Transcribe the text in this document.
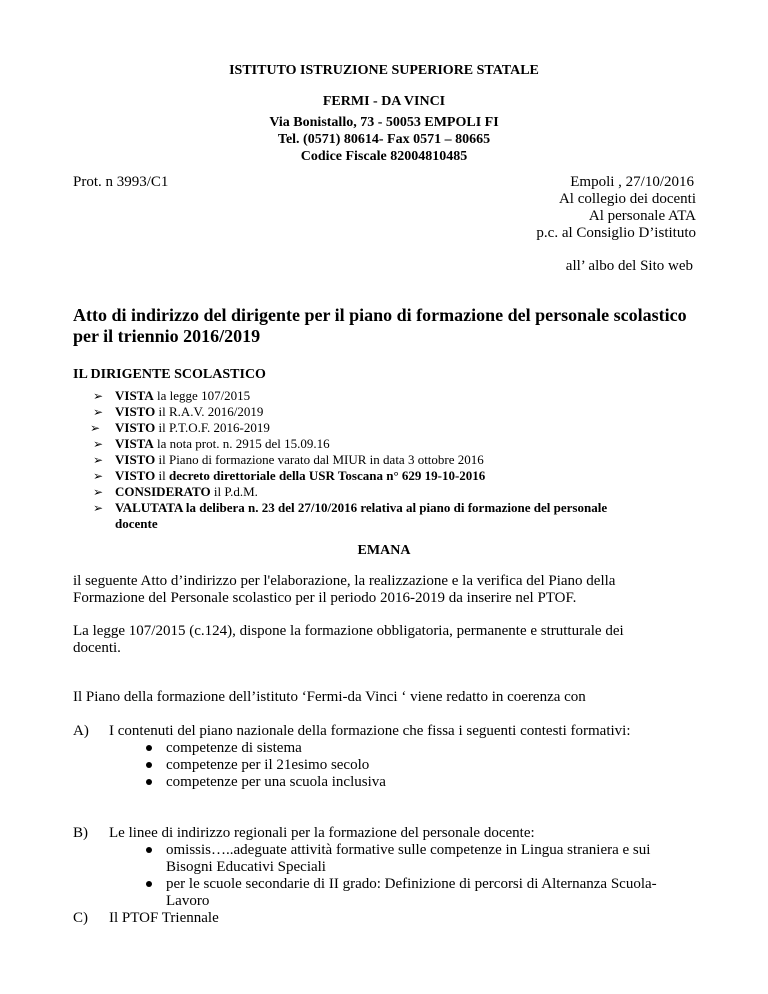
ISTITUTO ISTRUZIONE SUPERIORE STATALE
FERMI - DA VINCI
Via Bonistallo, 73 - 50053 EMPOLI FI
Tel. (0571) 80614- Fax 0571 – 80665
Codice Fiscale 82004810485
Prot. n 3993/C1	Empoli , 27/10/2016
Al collegio dei docenti
Al personale ATA
p.c. al Consiglio D’istituto
all’ albo del Sito web
Atto di indirizzo del dirigente per il piano di formazione del personale scolastico
per il triennio 2016/2019
IL DIRIGENTE SCOLASTICO
➢ VISTA la legge 107/2015
➢ VISTO il R.A.V. 2016/2019
➢ VISTO il P.T.O.F. 2016-2019
➢ VISTA la nota prot. n. 2915 del 15.09.16
➢ VISTO il Piano di formazione varato dal MIUR in data 3 ottobre 2016
➢ VISTO il decreto direttoriale della USR Toscana n° 629 19-10-2016
➢ CONSIDERATO il P.d.M.
➢ VALUTATA la delibera n. 23 del 27/10/2016 relativa al piano di formazione del personale
docente
EMANA
il seguente Atto d’indirizzo per l'elaborazione, la realizzazione e la verifica del Piano della
Formazione del Personale scolastico per il periodo 2016-2019 da inserire nel PTOF.
La legge 107/2015 (c.124), dispone la formazione obbligatoria, permanente e strutturale dei
docenti.
Il Piano della formazione dell’istituto ‘Fermi-da Vinci ‘ viene redatto in coerenza con
A) I contenuti del piano nazionale della formazione che fissa i seguenti contesti formativi:
competenze di sistema
competenze per il 21esimo secolo
competenze per una scuola inclusiva
B) Le linee di indirizzo regionali per la formazione del personale docente:
omissis…..adeguate attività formative sulle competenze in Lingua straniera e sui
Bisogni Educativi Speciali
per le scuole secondarie di II grado: Definizione di percorsi di Alternanza Scuola-
Lavoro
C) Il PTOF Triennale
